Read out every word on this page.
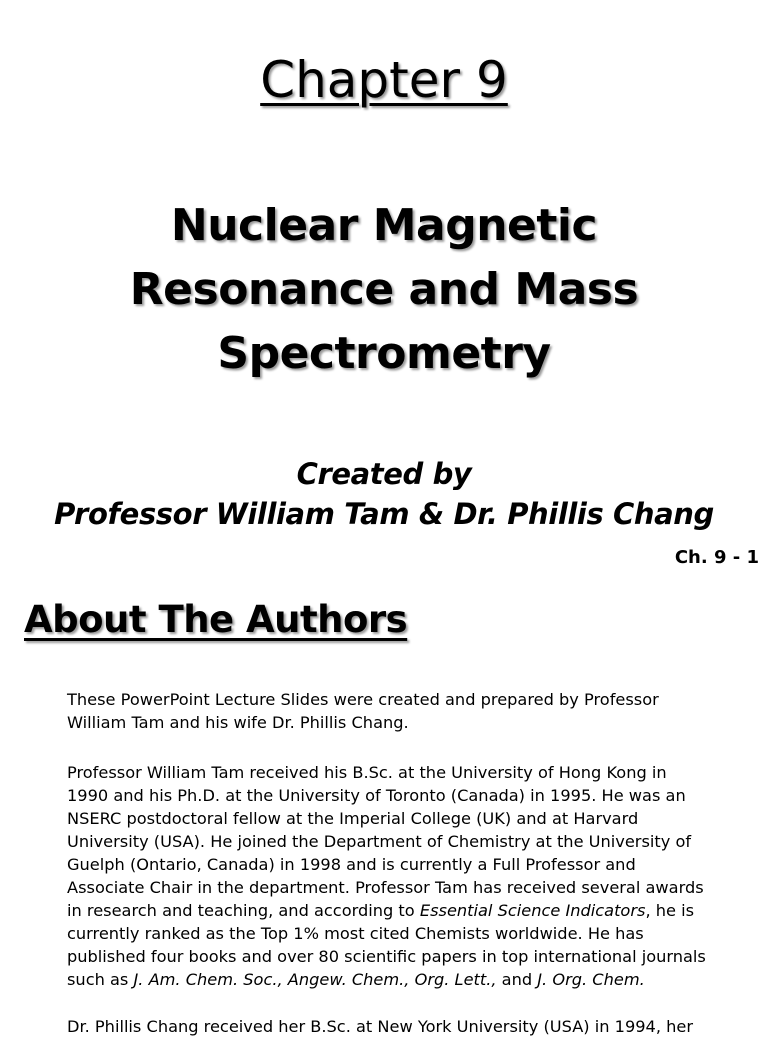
Chapter 9
Nuclear Magnetic
Resonance and Mass
Spectrometry
Created by
Professor William Tam & Dr. Phillis Chang
Ch. 9 - 1
About The Authors
These PowerPoint Lecture Slides were created and prepared by Professor
William Tam and his wife Dr. Phillis Chang.
Professor William Tam received his B.Sc. at the University of Hong Kong in
1990 and his Ph.D. at the University of Toronto (Canada) in 1995. He was an
NSERC postdoctoral fellow at the Imperial College (UK) and at Harvard
University (USA). He joined the Department of Chemistry at the University of
Guelph (Ontario, Canada) in 1998 and is currently a Full Professor and
Associate Chair in the department. Professor Tam has received several awards
in research and teaching, and according to Essential Science Indicators, he is
currently ranked as the Top 1% most cited Chemists worldwide. He has
published four books and over 80 scientific papers in top international journals
such as J. Am. Chem. Soc., Angew. Chem., Org. Lett., and J. Org. Chem.
Dr. Phillis Chang received her B.Sc. at New York University (USA) in 1994, her
